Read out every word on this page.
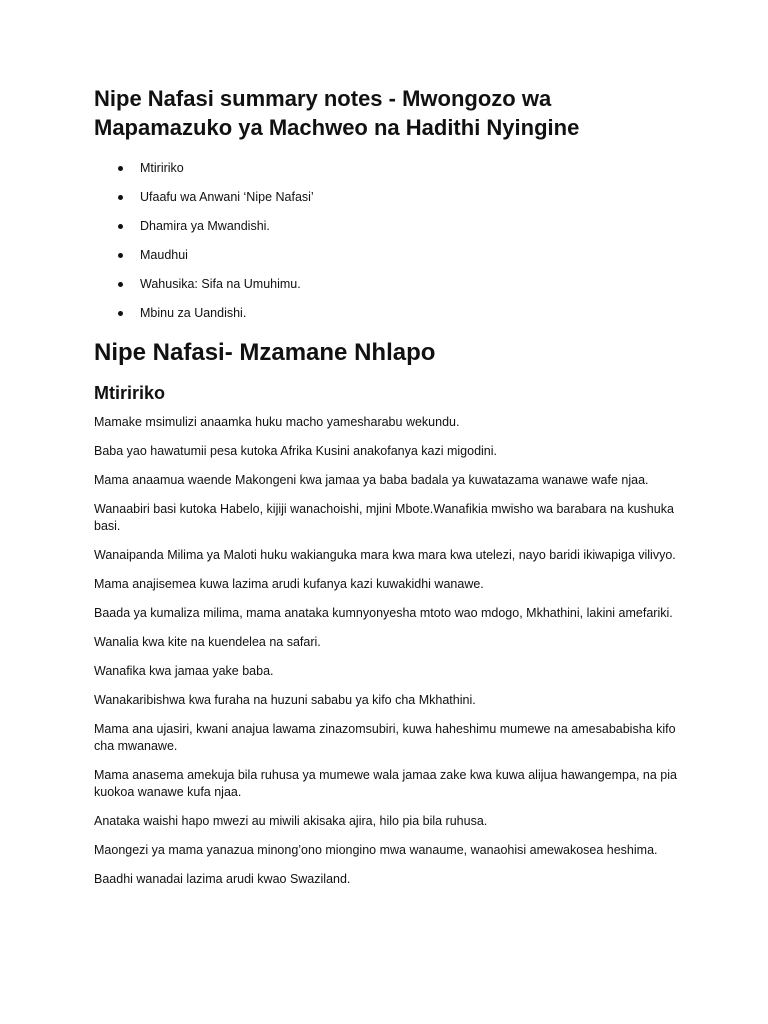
Nipe Nafasi summary notes - Mwongozo wa Mapamazuko ya Machweo na Hadithi Nyingine
Mtiririko
Ufaafu wa Anwani ‘Nipe Nafasi’
Dhamira ya Mwandishi.
Maudhui
Wahusika: Sifa na Umuhimu.
Mbinu za Uandishi.
Nipe Nafasi- Mzamane Nhlapo
Mtiririko

Mamake msimulizi anaamka huku macho yamesharabu wekundu.

Baba yao hawatumii pesa kutoka Afrika Kusini anakofanya kazi migodini.

Mama anaamua waende Makongeni kwa jamaa ya baba badala ya kuwatazama wanawe wafe njaa.

Wanaabiri basi kutoka Habelo, kijiji wanachoishi, mjini Mbote.Wanafikia mwisho wa barabara na kushuka basi.

Wanaipanda Milima ya Maloti huku wakianguka mara kwa mara kwa utelezi, nayo baridi ikiwapiga vilivyo.

Mama anajisemea kuwa lazima arudi kufanya kazi kuwakidhi wanawe.

Baada ya kumaliza milima, mama anataka kumnyonyesha mtoto wao mdogo, Mkhathini, lakini amefariki.

Wanalia kwa kite na kuendelea na safari.

Wanafika kwa jamaa yake baba.

Wanakaribishwa kwa furaha na huzuni sababu ya kifo cha Mkhathini.

Mama ana ujasiri, kwani anajua lawama zinazomsubiri, kuwa haheshimu mumewe na amesababisha kifo cha mwanawe.

Mama anasema amekuja bila ruhusa ya mumewe wala jamaa zake kwa kuwa alijua hawangempa, na pia kuokoa wanawe kufa njaa.

Anataka waishi hapo mwezi au miwili akisaka ajira, hilo pia bila ruhusa.

Maongezi ya mama yanazua minong’ono miongino mwa wanaume, wanaohisi amewakosea heshima.

Baadhi wanadai lazima arudi kwao Swaziland.
